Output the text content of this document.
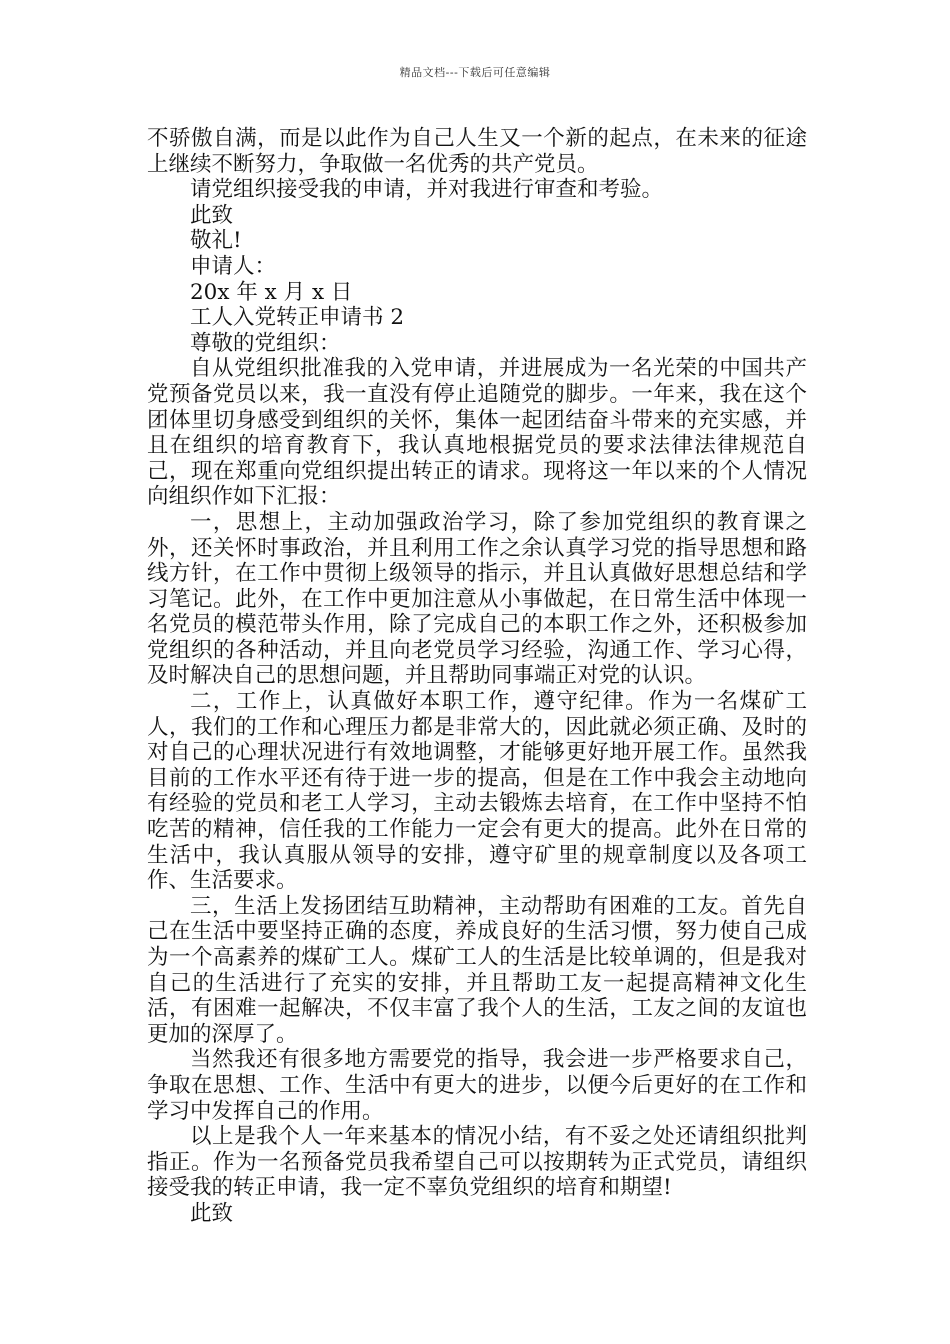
精品文档---下载后可任意编辑

不骄傲自满，而是以此作为自己人生又一个新的起点，在未来的征途上继续不断努力，争取做一名优秀的共产党员。

请党组织接受我的申请，并对我进行审查和考验。

此致

敬礼!

申请人：

20x 年 x 月 x 日

工人入党转正申请书 2

尊敬的党组织：

自从党组织批准我的入党申请，并进展成为一名光荣的中国共产党预备党员以来，我一直没有停止追随党的脚步。一年来，我在这个团体里切身感受到组织的关怀，集体一起团结奋斗带来的充实感，并且在组织的培育教育下，我认真地根据党员的要求法律法律规范自己，现在郑重向党组织提出转正的请求。现将这一年以来的个人情况向组织作如下汇报：

一，思想上，主动加强政治学习，除了参加党组织的教育课之外，还关怀时事政治，并且利用工作之余认真学习党的指导思想和路线方针，在工作中贯彻上级领导的指示，并且认真做好思想总结和学习笔记。此外，在工作中更加注意从小事做起，在日常生活中体现一名党员的模范带头作用，除了完成自己的本职工作之外，还积极参加党组织的各种活动，并且向老党员学习经验，沟通工作、学习心得，及时解决自己的思想问题，并且帮助同事端正对党的认识。

二，工作上，认真做好本职工作，遵守纪律。作为一名煤矿工人，我们的工作和心理压力都是非常大的，因此就必须正确、及时的对自己的心理状况进行有效地调整，才能够更好地开展工作。虽然我目前的工作水平还有待于进一步的提高，但是在工作中我会主动地向有经验的党员和老工人学习，主动去锻炼去培育，在工作中坚持不怕吃苦的精神，信任我的工作能力一定会有更大的提高。此外在日常的生活中，我认真服从领导的安排，遵守矿里的规章制度以及各项工作、生活要求。

三，生活上发扬团结互助精神，主动帮助有困难的工友。首先自己在生活中要坚持正确的态度，养成良好的生活习惯，努力使自己成为一个高素养的煤矿工人。煤矿工人的生活是比较单调的，但是我对自己的生活进行了充实的安排，并且帮助工友一起提高精神文化生活，有困难一起解决，不仅丰富了我个人的生活，工友之间的友谊也更加的深厚了。

当然我还有很多地方需要党的指导，我会进一步严格要求自己，争取在思想、工作、生活中有更大的进步，以便今后更好的在工作和学习中发挥自己的作用。

以上是我个人一年来基本的情况小结，有不妥之处还请组织批判指正。作为一名预备党员我希望自己可以按期转为正式党员，请组织接受我的转正申请，我一定不辜负党组织的培育和期望!

此致
